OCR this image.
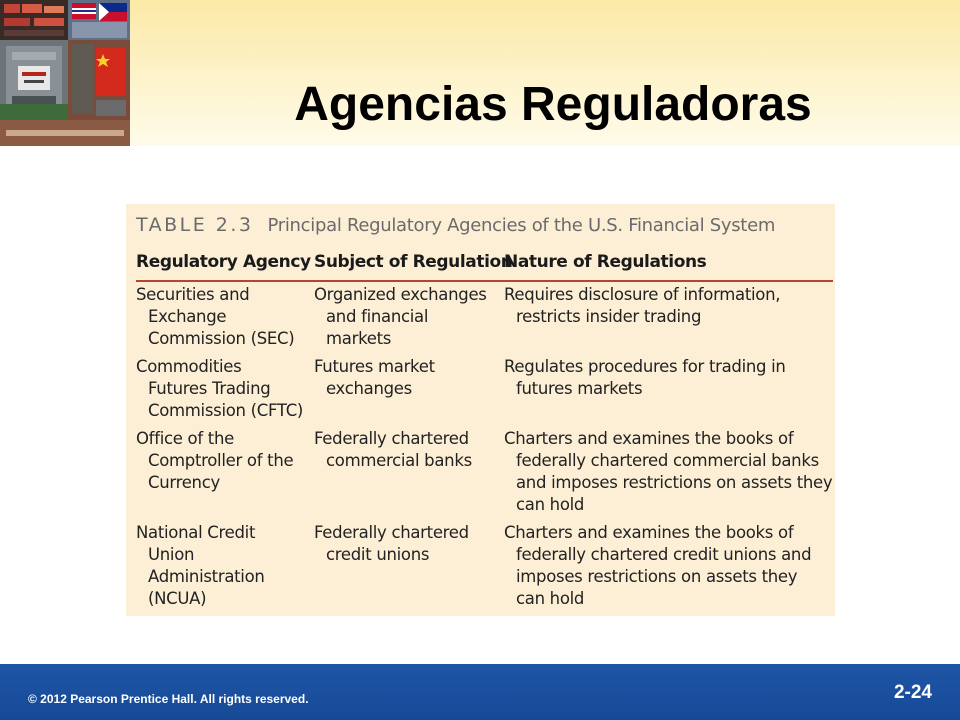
Agencias Reguladoras
TABLE 2.3 Principal Regulatory Agencies of the U.S. Financial System
Regulatory Agency Subject of Regulation
Nature of Regulations
Securities and
Exchange
Commission (SEC)
Organized exchanges
and financial
markets
Requires disclosure of information,
restricts insider trading
Commodities
Futures Trading
Commission (CFTC)
Futures market
exchanges
Regulates procedures for trading in
futures markets
Office of the
Comptroller of the
Currency
Federally chartered
commercial banks
Charters and examines the books of
federally chartered commercial banks
and imposes restrictions on assets they
can hold
National Credit
Union
Administration
(NCUA)
Federally chartered
credit unions
Charters and examines the books of
federally chartered credit unions and
imposes restrictions on assets they
can hold
© 2012 Pearson Prentice Hall. All rights reserved.	2-24
